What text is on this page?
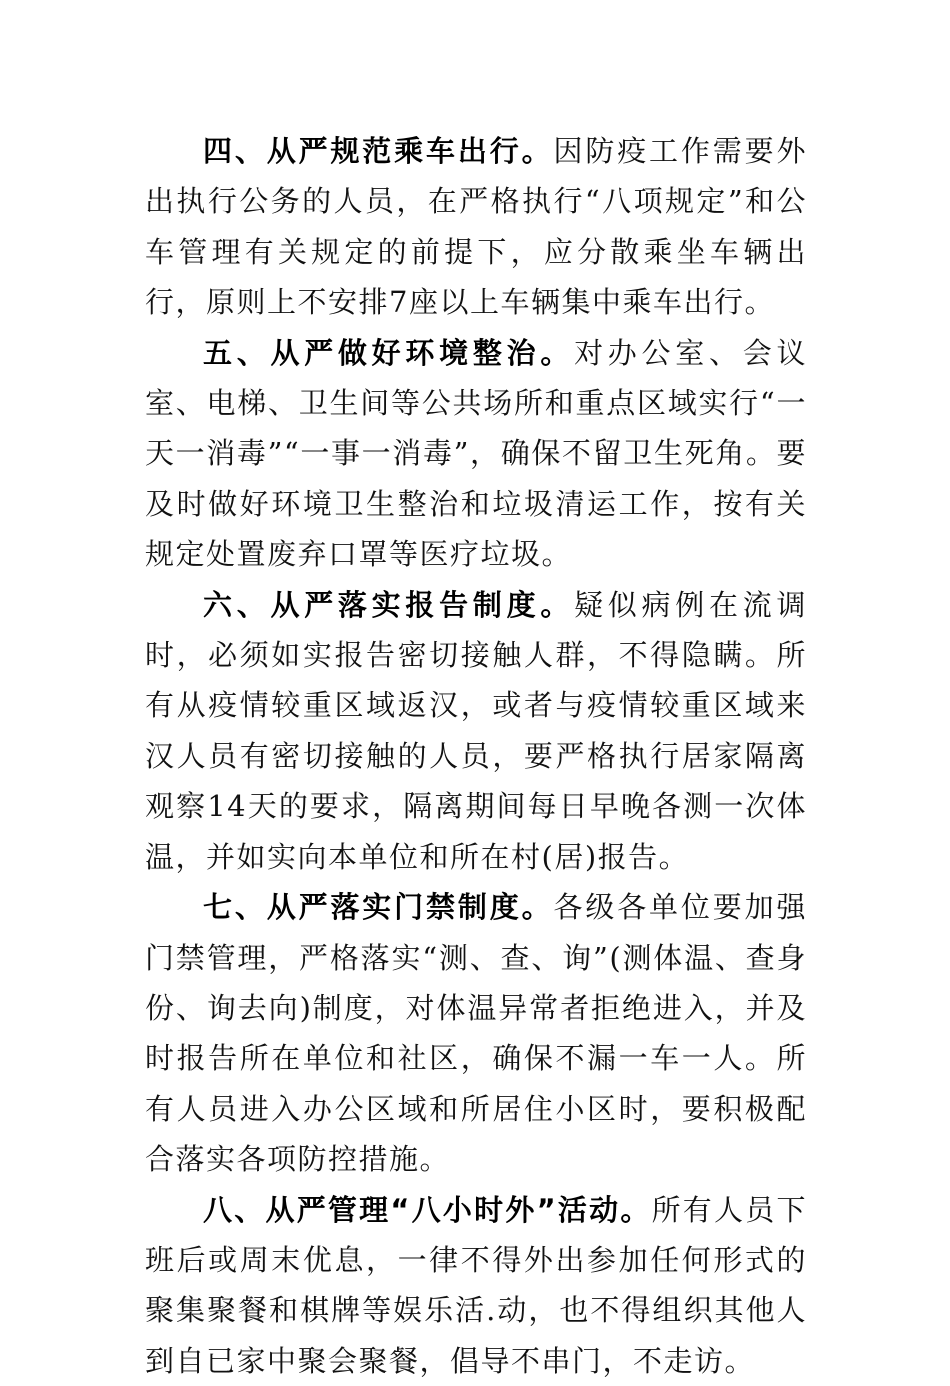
四、从严规范乘车出行。因防疫工作需要外出执行公务的人员，在严格执行“八项规定”和公车管理有关规定的前提下，应分散乘坐车辆出行，原则上不安排7座以上车辆集中乘车出行。

五、从严做好环境整治。对办公室、会议室、电梯、卫生间等公共场所和重点区域实行“一天一消毒”“一事一消毒”，确保不留卫生死角。要及时做好环境卫生整治和垃圾清运工作，按有关规定处置废弃口罩等医疗垃圾。

六、从严落实报告制度。疑似病例在流调时，必须如实报告密切接触人群，不得隐瞒。所有从疫情较重区域返汉，或者与疫情较重区域来汉人员有密切接触的人员，要严格执行居家隔离观察14天的要求，隔离期间每日早晚各测一次体温，并如实向本单位和所在村(居)报告。

七、从严落实门禁制度。各级各单位要加强门禁管理，严格落实“测、查、询”(测体温、查身份、询去向)制度，对体温异常者拒绝进入，并及时报告所在单位和社区，确保不漏一车一人。所有人员进入办公区域和所居住小区时，要积极配合落实各项防控措施。

八、从严管理“八小时外”活动。所有人员下班后或周末优息，一律不得外出参加任何形式的聚集聚餐和棋牌等娱乐活.动，也不得组织其他人到自已家中聚会聚餐，倡导不串门，不走访。
